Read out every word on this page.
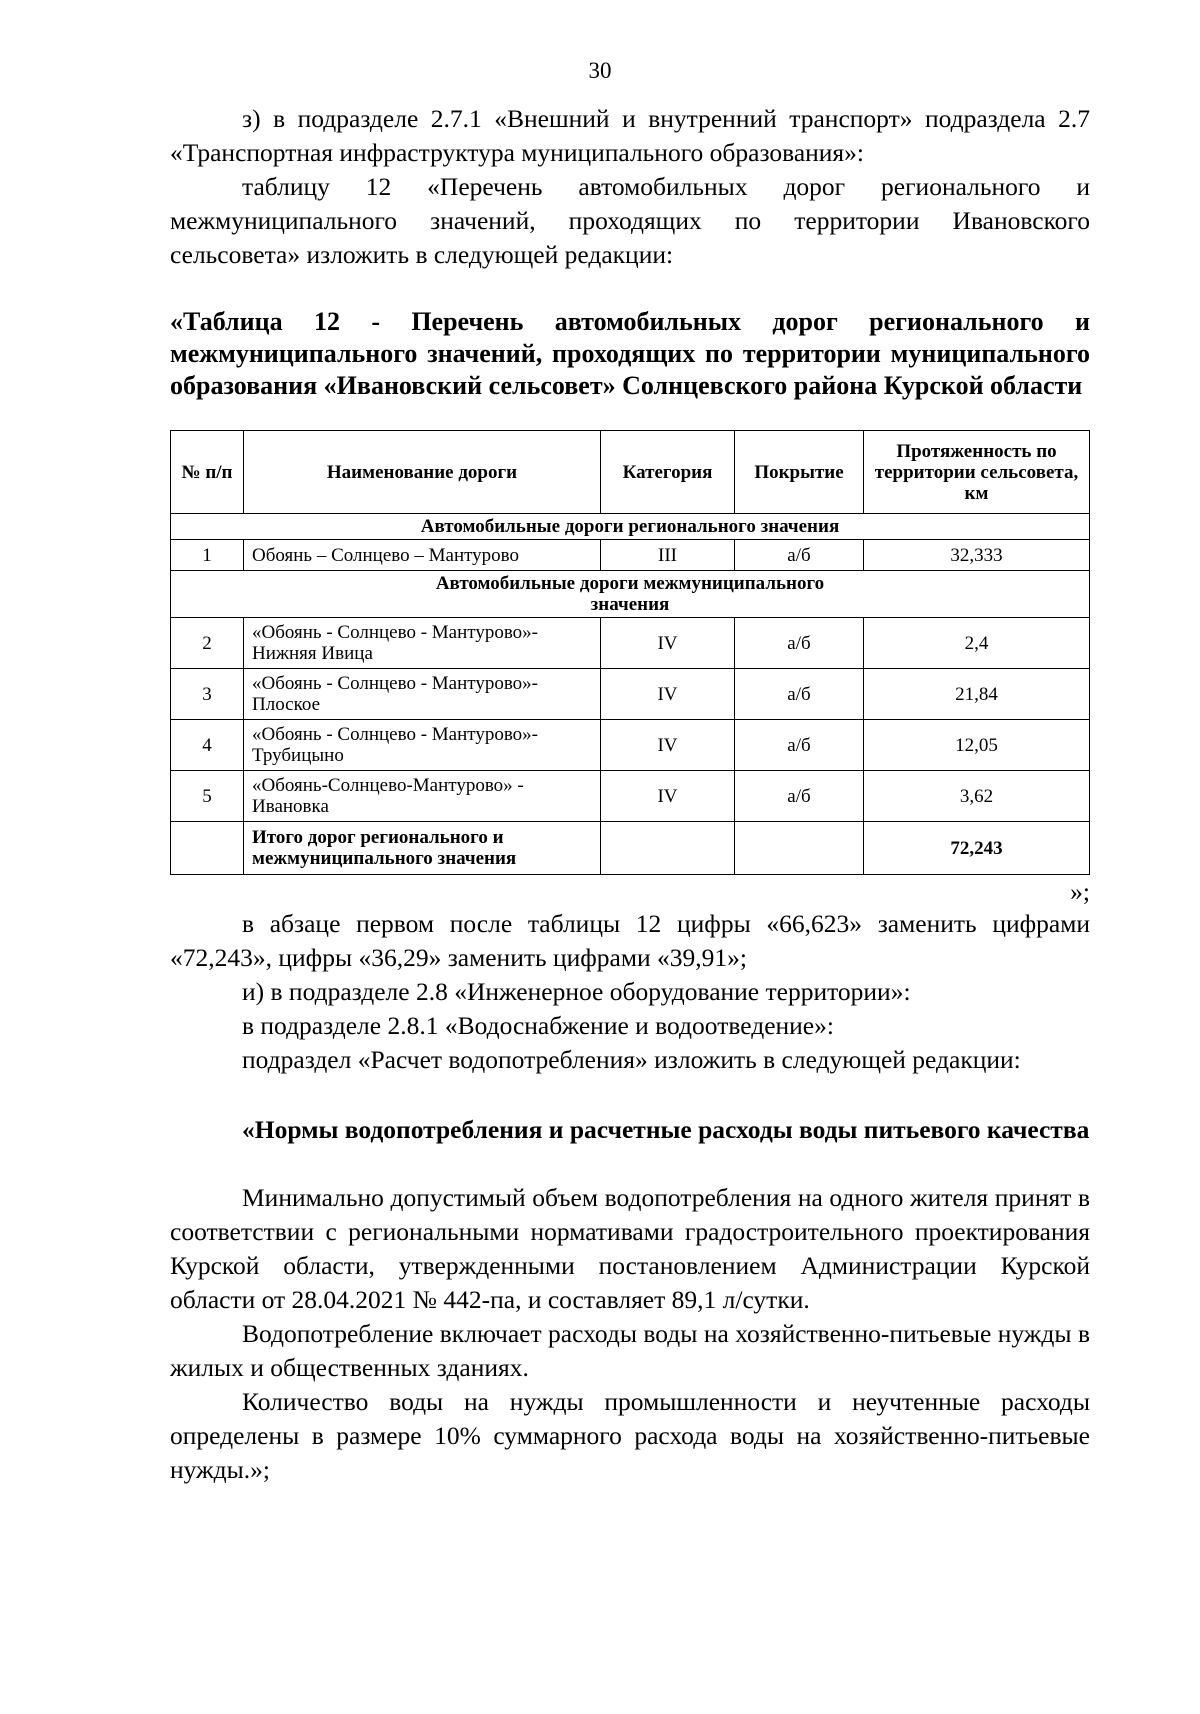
30

з) в подразделе 2.7.1 «Внешний и внутренний транспорт» подраздела 2.7 «Транспортная инфраструктура муниципального образования»:

таблицу 12 «Перечень автомобильных дорог регионального и межмуниципального значений, проходящих по территории Ивановского сельсовета» изложить в следующей редакции:

«Таблица 12 - Перечень автомобильных дорог регионального и межмуниципального значений, проходящих по территории муниципального образования «Ивановский сельсовет» Солнцевского района Курской области

№ п/п	Наименование дороги	Категория	Покрытие	Протяженность по территории сельсовета, км
Автомобильные дороги регионального значения				
1	Обоянь – Солнцево – Мантурово	III	а/б	32,333
Автомобильные дороги межмуниципального значения				
2	«Обоянь - Солнцево - Мантурово»- Нижняя Ивица	IV	а/б	2,4
3	«Обоянь - Солнцево - Мантурово»- Плоское	IV	а/б	21,84
4	«Обоянь - Солнцево - Мантурово»- Трубицыно	IV	а/б	12,05
5	«Обоянь-Солнцево-Мантурово» - Ивановка	IV	а/б	3,62
	Итого дорог регионального и межмуниципального значения			72,243

»;

в абзаце первом после таблицы 12 цифры «66,623» заменить цифрами «72,243», цифры «36,29» заменить цифрами «39,91»;

и) в подразделе 2.8 «Инженерное оборудование территории»:

в подразделе 2.8.1 «Водоснабжение и водоотведение»:

подраздел «Расчет водопотребления» изложить в следующей редакции:

«Нормы водопотребления и расчетные расходы воды питьевого качества

Минимально допустимый объем водопотребления на одного жителя принят в соответствии с региональными нормативами градостроительного проектирования Курской области, утвержденными постановлением Администрации Курской области от 28.04.2021 № 442-па, и составляет 89,1 л/сутки.

Водопотребление включает расходы воды на хозяйственно-питьевые нужды в жилых и общественных зданиях.

Количество воды на нужды промышленности и неучтенные расходы определены в размере 10% суммарного расхода воды на хозяйственно-питьевые нужды.»;
